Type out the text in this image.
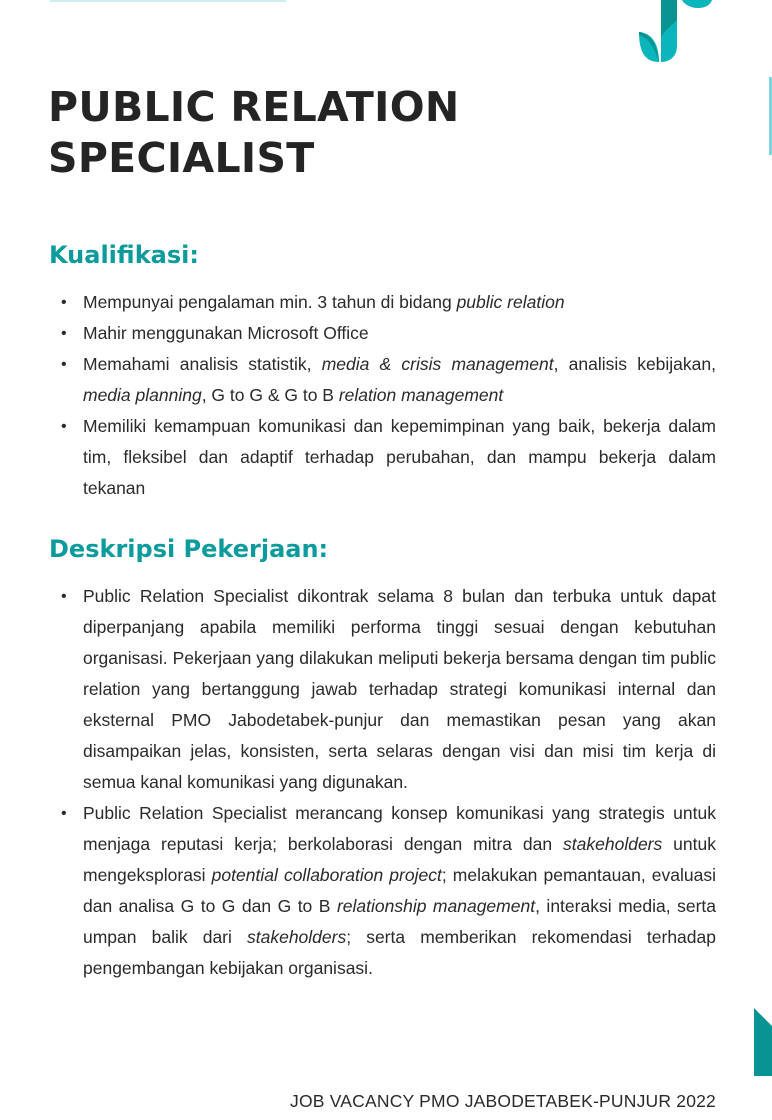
PUBLIC RELATION
SPECIALIST
Kualifikasi:
• Mempunyai pengalaman min. 3 tahun di bidang public relation
• Mahir menggunakan Microsoft Office
• Memahami analisis statistik, media & crisis management, analisis kebijakan, media planning, G to G & G to B relation management
• Memiliki kemampuan komunikasi dan kepemimpinan yang baik, bekerja dalam tim, fleksibel dan adaptif terhadap perubahan, dan mampu bekerja dalam tekanan
Deskripsi Pekerjaan:
• Public Relation Specialist dikontrak selama 8 bulan dan terbuka untuk dapat diperpanjang apabila memiliki performa tinggi sesuai dengan kebutuhan organisasi. Pekerjaan yang dilakukan meliputi bekerja bersama dengan tim public relation yang bertanggung jawab terhadap strategi komunikasi internal dan eksternal PMO Jabodetabek-punjur dan memastikan pesan yang akan disampaikan jelas, konsisten, serta selaras dengan visi dan misi tim kerja di semua kanal komunikasi yang digunakan.
• Public Relation Specialist merancang konsep komunikasi yang strategis untuk menjaga reputasi kerja; berkolaborasi dengan mitra dan stakeholders untuk mengeksplorasi potential collaboration project; melakukan pemantauan, evaluasi dan analisa G to G dan G to B relationship management, interaksi media, serta umpan balik dari stakeholders; serta memberikan rekomendasi terhadap pengembangan kebijakan organisasi.
JOB VACANCY PMO JABODETABEK-PUNJUR 2022
